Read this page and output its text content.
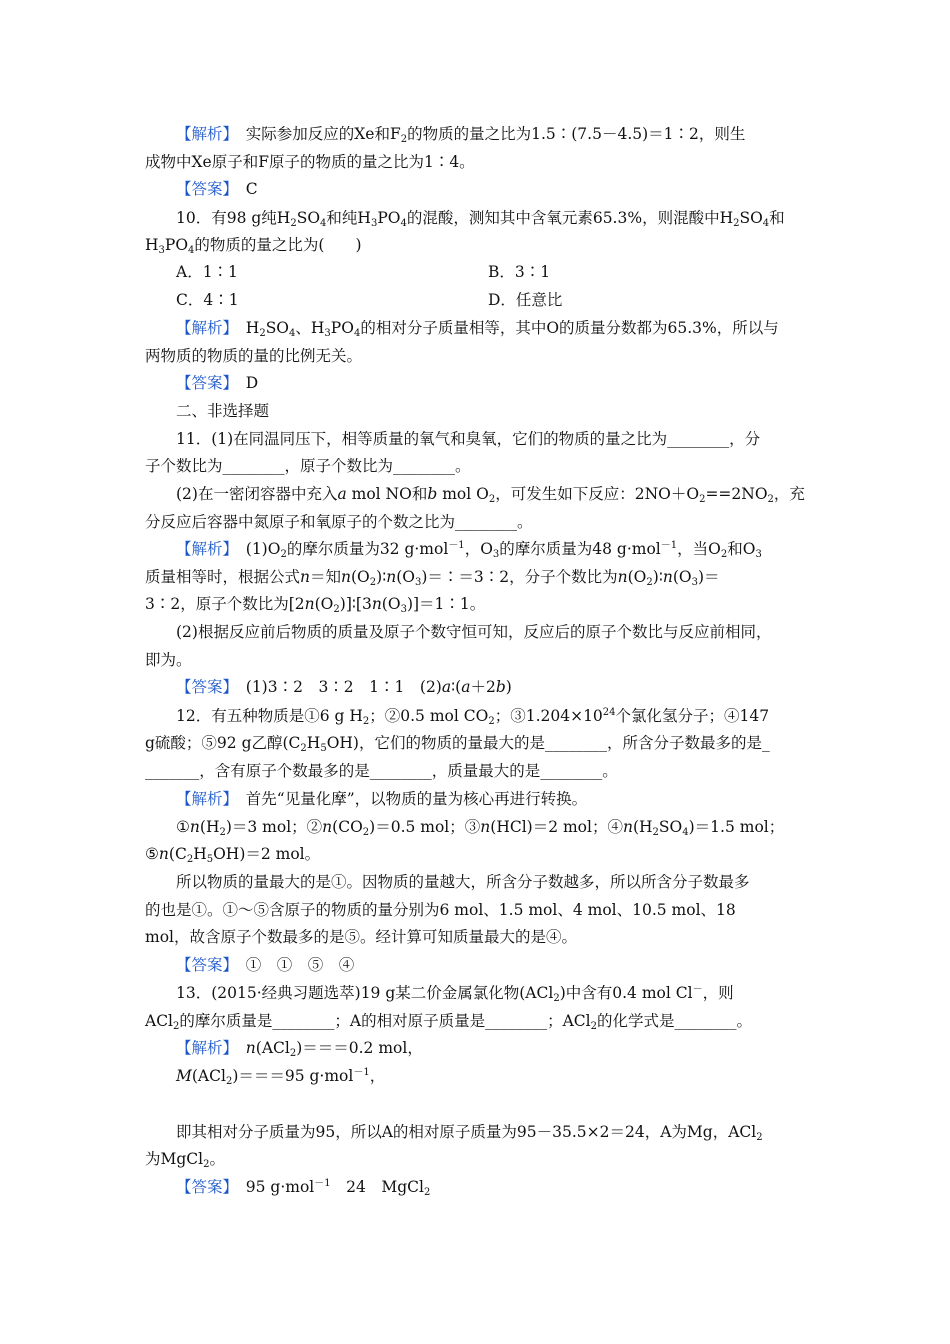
【解析】　实际参加反应的Xe和$F_2$的物质的量之比为1.5∶(7.5－4.5)＝1∶2，则生
成物中Xe原子和F原子的物质的量之比为1∶4。
【答案】　 C
10．有98 g纯$H_2SO_4$和纯$H_3PO_4$的混酸，测知其中含氧元素65.3%，则混酸中$H_2SO_4$和
$H_3PO_4$的物质的量之比为(　　)
A．1∶1	B．3∶1
C．4∶1	D．任意比
【解析】　 $H_2SO_4$、$H_3PO_4$的相对分子质量相等，其中O的质量分数都为65.3%，所以与
两物质的物质的量的比例无关。
【答案】　 D
二、非选择题
11．(1)在同温同压下，相等质量的氧气和臭氧，它们的物质的量之比为________，分
子个数比为________，原子个数比为________。
(2)在一密闭容器中充入a mol NO和b mol $O_2$，可发生如下反应：$2NO+O_2==2NO_2$，充
分反应后容器中氮原子和氧原子的个数之比为________。
【解析】　$(1)O_2$的摩尔质量为32 g·mol$^{-1}$，$O_3$的摩尔质量为48 g·mol$^{-1}$，当$O_2$和$O_3$
质量相等时，根据公式n＝知$n(O_2)∶n(O_3)=∶=3∶2$，分子个数比为$n(O_2)∶n(O_3)=$
3∶2，原子个数比为$[2n(O_2)]∶[3n(O_3)]=1∶1$。
(2)根据反应前后物质的质量及原子个数守恒可知，反应后的原子个数比与反应前相同，
即为。
【答案】　(1)3∶2　3∶2　1∶1　(2)a∶(a＋2b)
12．有五种物质是①6 g $H_2$；②0.5 mol $CO_2$；$③1.204\times 10^{24}$个氯化氢分子；④147
g硫酸；⑤92 g乙醇$(C_2H_5OH)$，它们的物质的量最大的是________，所含分子数最多的是_
_______，含有原子个数最多的是________，质量最大的是________。
【解析】　首先“见量化摩”，以物质的量为核心再进行转换。
$①n(H_2)=3$ mol；$②n(CO_2)=0.5$ mol；③n(HCl)＝2 mol；$④n(H_2SO_4)=1.5$ mol；
$⑤n(C_2H_5OH)=2$ mol。
所以物质的量最大的是①。因物质的量越大，所含分子数越多，所以所含分子数最多
的也是①。①～⑤含原子的物质的量分别为6 mol、1.5 mol、4 mol、10.5 mol、18
mol，故含原子个数最多的是⑤。经计算可知质量最大的是④。
【答案】　①　①　⑤　④
13．(2015·经典习题选萃)19 g某二价金属氯化物(ACl$_2$)中含有0.4 mol Cl－，则
ACl$_2$的摩尔质量是________；A的相对原子质量是________；ACl$_2$的化学式是________。
【解析】　 n(ACl$_2$)＝＝＝0.2 mol，
M(ACl$_2$)＝＝＝95 g·mol$^{-1}$，
即其相对分子质量为95，所以A的相对原子质量为95－35.5×2＝24，A为Mg，ACl$_2$
为MgCl$_2$。
【答案】　95 g·mol$^{-1}$　24　MgCl$_2$
